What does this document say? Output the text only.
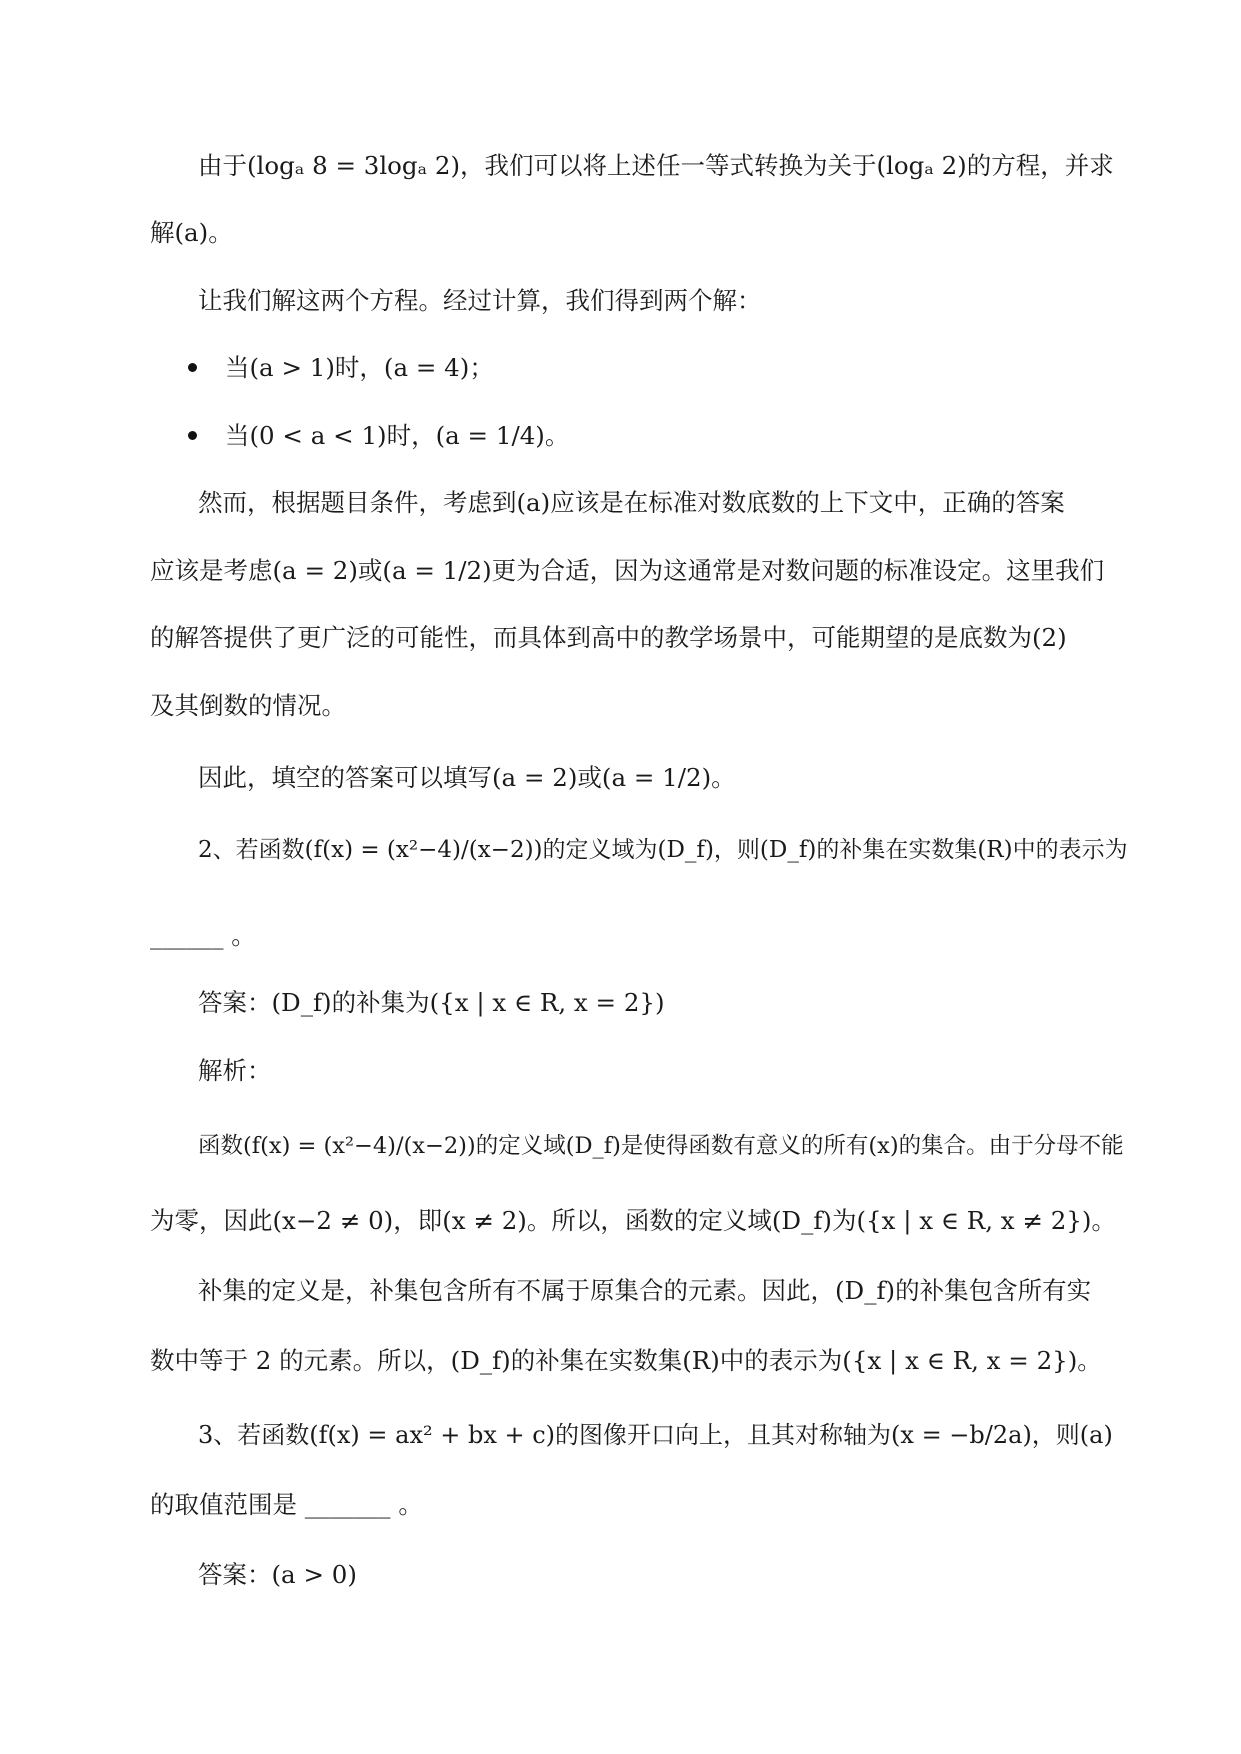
由于(logₐ 8 = 3logₐ 2)，我们可以将上述任一等式转换为关于(logₐ 2)的方程，并求
解(a)。
让我们解这两个方程。经过计算，我们得到两个解：
当(a > 1)时，(a = 4)；
当(0 < a < 1)时，(a = 1/4)。
然而，根据题目条件，考虑到(a)应该是在标准对数底数的上下文中，正确的答案
应该是考虑(a = 2)或(a = 1/2)更为合适，因为这通常是对数问题的标准设定。这里我们
的解答提供了更广泛的可能性，而具体到高中的教学场景中，可能期望的是底数为(2)
及其倒数的情况。
因此，填空的答案可以填写(a = 2)或(a = 1/2)。
2、若函数(f(x) = (x²−4)/(x−2))的定义域为(D_f)，则(D_f)的补集在实数集(R)中的表示为
______ 。
答案：(D_f)的补集为({x | x ∈ R, x = 2})
解析：
函数(f(x) = (x²−4)/(x−2))的定义域(D_f)是使得函数有意义的所有(x)的集合。由于分母不能
为零，因此(x−2 ≠ 0)，即(x ≠ 2)。所以，函数的定义域(D_f)为({x | x ∈ R, x ≠ 2})。
补集的定义是，补集包含所有不属于原集合的元素。因此，(D_f)的补集包含所有实
数中等于 2 的元素。所以，(D_f)的补集在实数集(R)中的表示为({x | x ∈ R, x = 2})。
3、若函数(f(x) = ax² + bx + c)的图像开口向上，且其对称轴为(x = −b/2a)，则(a)
的取值范围是 _______ 。
答案：(a > 0)
